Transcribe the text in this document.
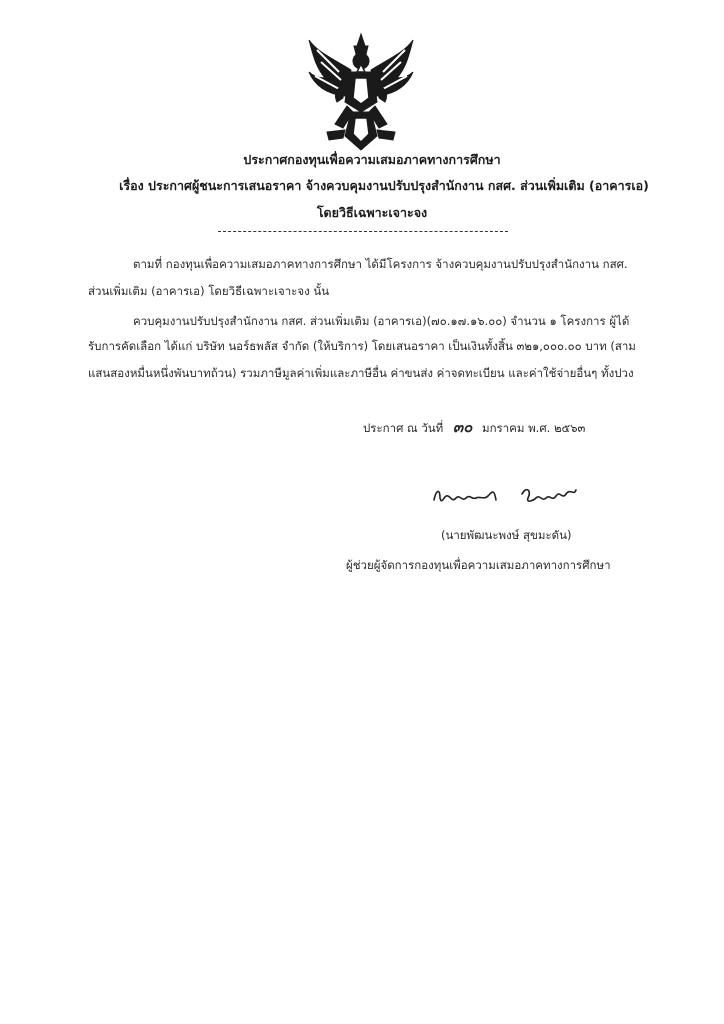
ประกาศกองทุนเพื่อความเสมอภาคทางการศึกษา
เรื่อง ประกาศผู้ชนะการเสนอราคา จ้างควบคุมงานปรับปรุงสำนักงาน กสศ. ส่วนเพิ่มเติม (อาคารเอ)
โดยวิธีเฉพาะเจาะจง
ตามที่ กองทุนเพื่อความเสมอภาคทางการศึกษา ได้มีโครงการ จ้างควบคุมงานปรับปรุงสำนักงาน กสศ.
ส่วนเพิ่มเติม (อาคารเอ) โดยวิธีเฉพาะเจาะจง นั้น
ควบคุมงานปรับปรุงสำนักงาน กสศ. ส่วนเพิ่มเติม (อาคารเอ)(๗๐.๑๗.๑๖.๐๐) จำนวน ๑ โครงการ ผู้ได้
รับการคัดเลือก ได้แก่ บริษัท นอร์ธพลัส จำกัด (ให้บริการ) โดยเสนอราคา เป็นเงินทั้งสิ้น ๓๒๑,๐๐๐.๐๐ บาท (สาม
แสนสองหมื่นหนึ่งพันบาทถ้วน) รวมภาษีมูลค่าเพิ่มและภาษีอื่น ค่าขนส่ง ค่าจดทะเบียน และค่าใช้จ่ายอื่นๆ ทั้งปวง
ประกาศ ณ วันที่ ๓๐ มกราคม พ.ศ. ๒๕๖๓
(นายพัฒนะพงษ์ สุขมะดัน)
ผู้ช่วยผู้จัดการกองทุนเพื่อความเสมอภาคทางการศึกษา
